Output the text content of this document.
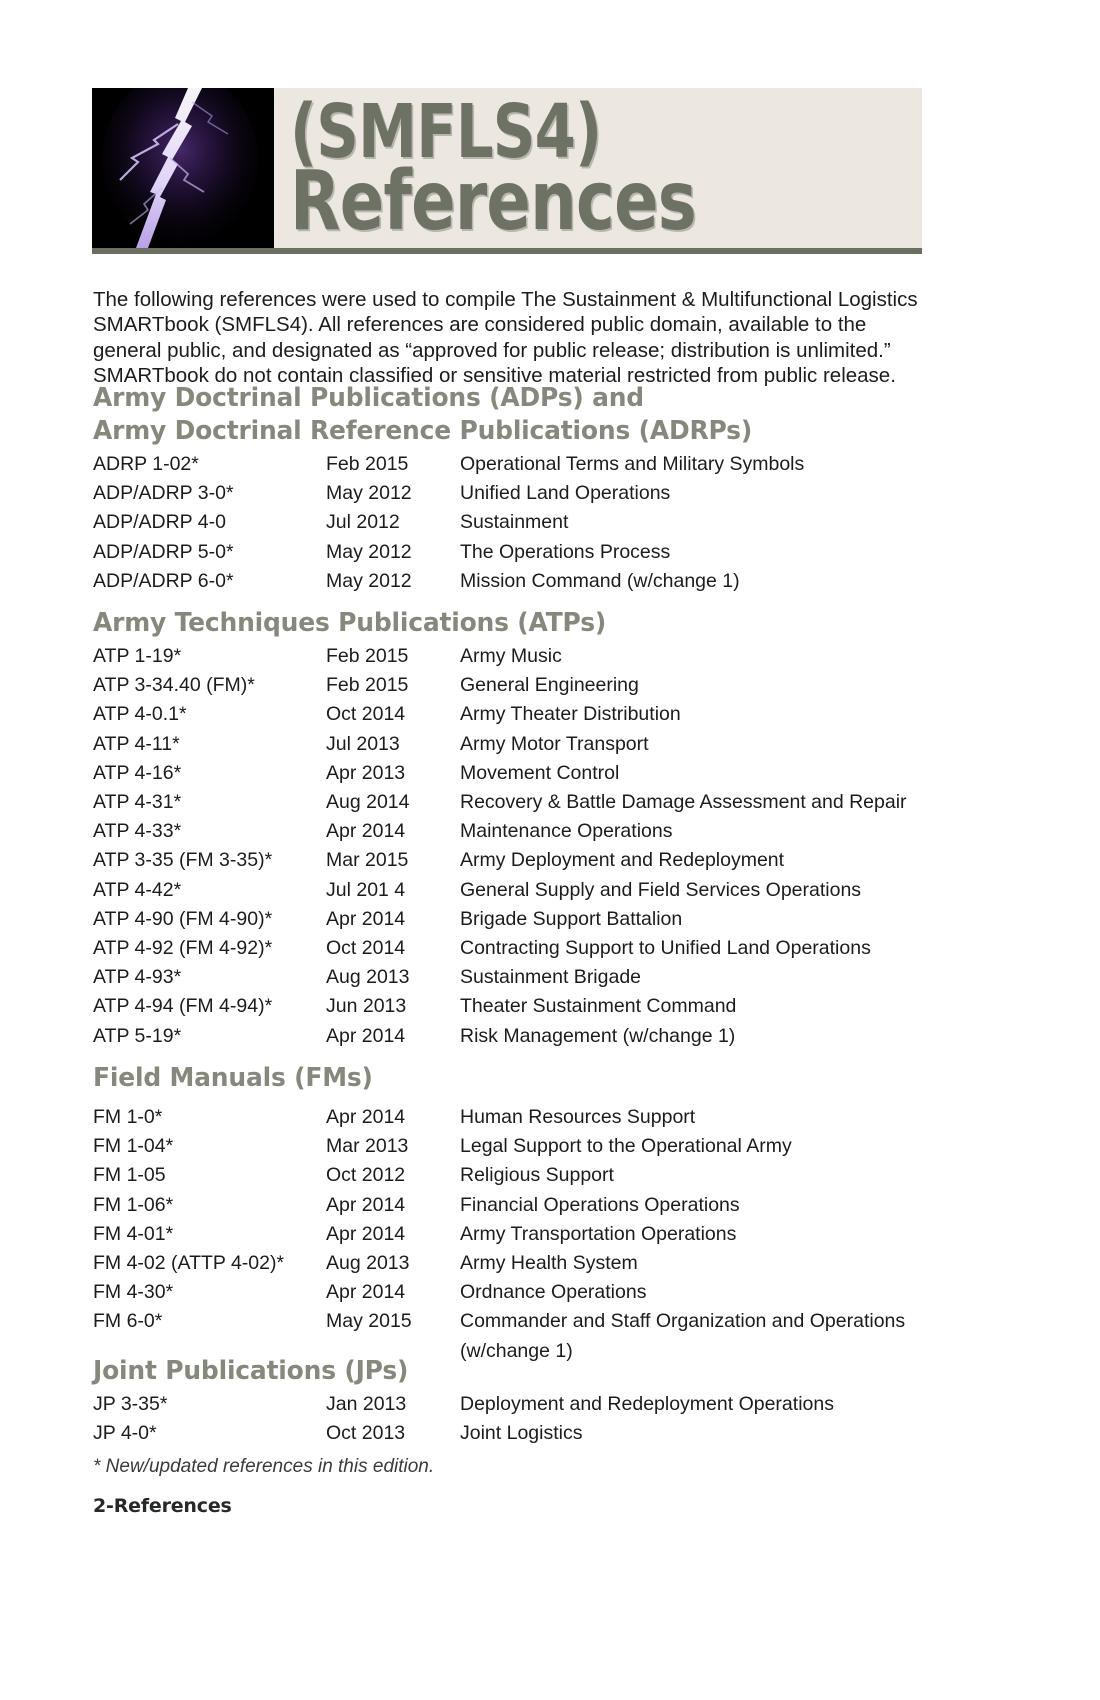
(SMFLS4)
References

The following references were used to compile The Sustainment & Multifunctional Logistics SMARTbook (SMFLS4). All references are considered public domain, available to the general public, and designated as “approved for public release; distribution is unlimited.” SMARTbook do not contain classified or sensitive material restricted from public release.

Army Doctrinal Publications (ADPs) and
Army Doctrinal Reference Publications (ADRPs)
ADRP 1-02*	Feb 2015	Operational Terms and Military Symbols
ADP/ADRP 3-0*	May 2012	Unified Land Operations
ADP/ADRP 4-0	Jul 2012	Sustainment
ADP/ADRP 5-0*	May 2012	The Operations Process
ADP/ADRP 6-0*	May 2012	Mission Command (w/change 1)
Army Techniques Publications (ATPs)
ATP 1-19*	Feb 2015	Army Music
ATP 3-34.40 (FM)*	Feb 2015	General Engineering
ATP 4-0.1*	Oct 2014	Army Theater Distribution
ATP 4-11*	Jul 2013	Army Motor Transport
ATP 4-16*	Apr 2013	Movement Control
ATP 4-31*	Aug 2014	Recovery & Battle Damage Assessment and Repair
ATP 4-33*	Apr 2014	Maintenance Operations
ATP 3-35 (FM 3-35)*	Mar 2015	Army Deployment and Redeployment
ATP 4-42*	Jul 201 4	General Supply and Field Services Operations
ATP 4-90 (FM 4-90)*	Apr 2014	Brigade Support Battalion
ATP 4-92 (FM 4-92)*	Oct 2014	Contracting Support to Unified Land Operations
ATP 4-93*	Aug 2013	Sustainment Brigade
ATP 4-94 (FM 4-94)*	Jun 2013	Theater Sustainment Command
ATP 5-19*	Apr 2014	Risk Management (w/change 1)
Field Manuals (FMs)
FM 1-0*	Apr 2014	Human Resources Support
FM 1-04*	Mar 2013	Legal Support to the Operational Army
FM 1-05	Oct 2012	Religious Support
FM 1-06*	Apr 2014	Financial Operations Operations
FM 4-01*	Apr 2014	Army Transportation Operations
FM 4-02 (ATTP 4-02)*	Aug 2013	Army Health System
FM 4-30*	Apr 2014	Ordnance Operations
FM 6-0*	May 2015	Commander and Staff Organization and Operations
(w/change 1)
Joint Publications (JPs)
JP 3-35*	Jan 2013	Deployment and Redeployment Operations
JP 4-0*	Oct 2013	Joint Logistics
* New/updated references in this edition.
2-References
